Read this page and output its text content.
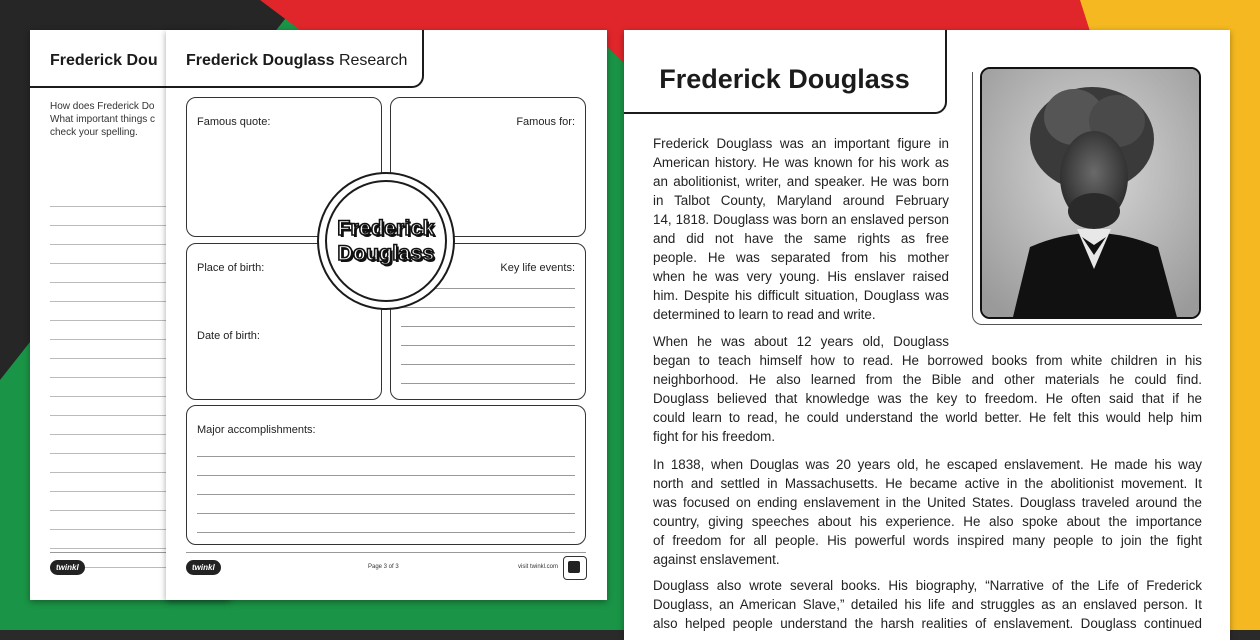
Frederick Dou
How does Frederick Do
What important things c
check your spelling.
twinkl
Frederick Douglass Research
Famous quote:	Famous for:
Place of birth:
Date of birth:
Key life events:
Major accomplishments:
twinkl	Page 3 of 3	visit twinkl.com
Frederick
Douglass
Frederick Douglass
Frederick Douglass was an important figure in
American history. He was known for his work as
an abolitionist, writer, and speaker. He was born
in Talbot County, Maryland around February
14, 1818. Douglass was born an enslaved person
and did not have the same rights as free
people. He was separated from his mother
when he was very young. His enslaver raised
him. Despite his difficult situation, Douglass was
determined to learn to read and write.
When he was about 12 years old, Douglass
began to teach himself how to read. He borrowed books from white children in his
neighborhood. He also learned from the Bible and other materials he could find.
Douglass believed that knowledge was the key to freedom. He often said that if he
could learn to read, he could understand the world better. He felt this would help him
fight for his freedom.
In 1838, when Douglas was 20 years old, he escaped enslavement. He made his way
north and settled in Massachusetts. He became active in the abolitionist movement. It
was focused on ending enslavement in the United States. Douglass traveled around the
country, giving speeches about his experience. He also spoke about the importance
of freedom for all people. His powerful words inspired many people to join the fight
against enslavement.
Douglass also wrote several books. His biography, “Narrative of the Life of Frederick
Douglass, an American Slave,” detailed his life and struggles as an enslaved person. It
also helped people understand the harsh realities of enslavement. Douglass continued
